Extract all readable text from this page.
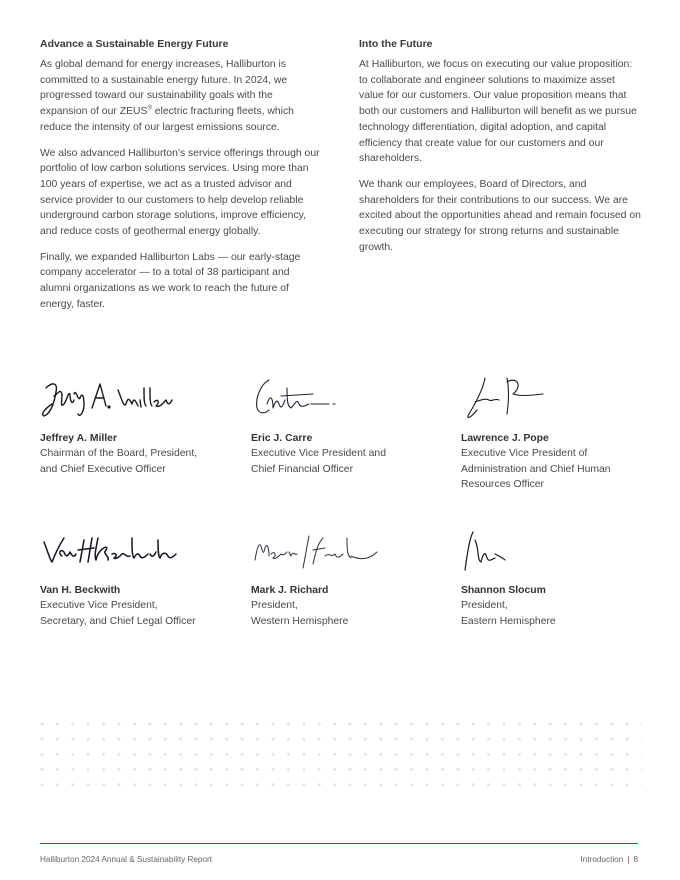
Advance a Sustainable Energy Future

As global demand for energy increases, Halliburton is committed to a sustainable energy future. In 2024, we progressed toward our sustainability goals with the expansion of our ZEUS® electric fracturing fleets, which reduce the intensity of our largest emissions source.

We also advanced Halliburton’s service offerings through our portfolio of low carbon solutions services. Using more than 100 years of expertise, we act as a trusted advisor and service provider to our customers to help develop reliable underground carbon storage solutions, improve efficiency, and reduce costs of geothermal energy globally.

Finally, we expanded Halliburton Labs — our early-stage company accelerator — to a total of 38 participant and alumni organizations as we work to reach the future of energy, faster.

Into the Future

At Halliburton, we focus on executing our value proposition: to collaborate and engineer solutions to maximize asset value for our customers. Our value proposition means that both our customers and Halliburton will benefit as we pursue technology differentiation, digital adoption, and capital efficiency that create value for our customers and our shareholders.

We thank our employees, Board of Directors, and shareholders for their contributions to our success. We are excited about the opportunities ahead and remain focused on executing our strategy for strong returns and sustainable growth.

Jeffrey A. Miller
Chairman of the Board, President,
and Chief Executive Officer
Eric J. Carre
Executive Vice President and
Chief Financial Officer
Lawrence J. Pope
Executive Vice President of
Administration and Chief Human
Resources Officer
Van H. Beckwith
Executive Vice President,
Secretary, and Chief Legal Officer
Mark J. Richard
President,
Western Hemisphere
Shannon Slocum
President,
Eastern Hemisphere
Halliburton 2024 Annual & Sustainability Report	Introduction | 8
